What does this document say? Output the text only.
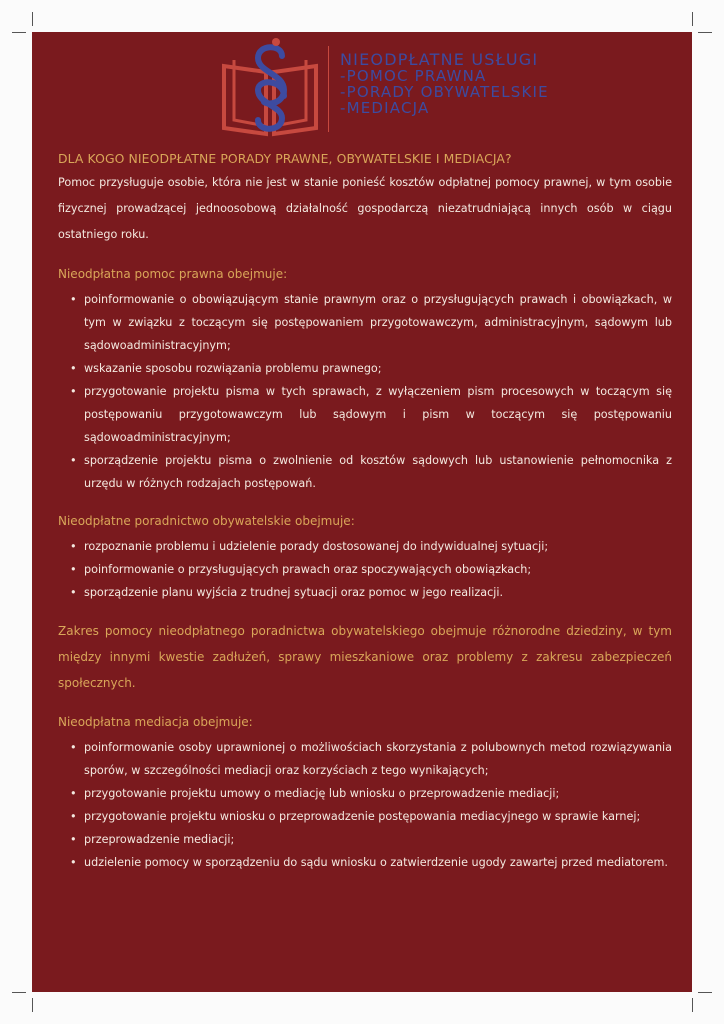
NIEODPŁATNE USŁUGI
-POMOC PRAWNA
-PORADY OBYWATELSKIE
-MEDIACJA
DLA KOGO NIEODPŁATNE PORADY PRAWNE, OBYWATELSKIE I MEDIACJA?

Pomoc przysługuje osobie, która nie jest w stanie ponieść kosztów odpłatnej pomocy prawnej, w tym osobie fizycznej prowadzącej jednoosobową działalność gospodarczą niezatrudniającą innych osób w ciągu ostatniego roku.

Nieodpłatna pomoc prawna obejmuje:
• poinformowanie o obowiązującym stanie prawnym oraz o przysługujących prawach i obowiązkach, w tym w związku z toczącym się postępowaniem przygotowawczym, administracyjnym, sądowym lub sądowoadministracyjnym;
• wskazanie sposobu rozwiązania problemu prawnego;
• przygotowanie projektu pisma w tych sprawach, z wyłączeniem pism procesowych w toczącym się postępowaniu przygotowawczym lub sądowym i pism w toczącym się postępowaniu sądowoadministracyjnym;
• sporządzenie projektu pisma o zwolnienie od kosztów sądowych lub ustanowienie pełnomocnika z urzędu w różnych rodzajach postępowań.
Nieodpłatne poradnictwo obywatelskie obejmuje:
• rozpoznanie problemu i udzielenie porady dostosowanej do indywidualnej sytuacji;
• poinformowanie o przysługujących prawach oraz spoczywających obowiązkach;
• sporządzenie planu wyjścia z trudnej sytuacji oraz pomoc w jego realizacji.

Zakres pomocy nieodpłatnego poradnictwa obywatelskiego obejmuje różnorodne dziedziny, w tym między innymi kwestie zadłużeń, sprawy mieszkaniowe oraz problemy z zakresu zabezpieczeń społecznych.

Nieodpłatna mediacja obejmuje:
• poinformowanie osoby uprawnionej o możliwościach skorzystania z polubownych metod rozwiązywania sporów, w szczególności mediacji oraz korzyściach z tego wynikających;
• przygotowanie projektu umowy o mediację lub wniosku o przeprowadzenie mediacji;
• przygotowanie projektu wniosku o przeprowadzenie postępowania mediacyjnego w sprawie karnej;
• przeprowadzenie mediacji;
• udzielenie pomocy w sporządzeniu do sądu wniosku o zatwierdzenie ugody zawartej przed mediatorem.
